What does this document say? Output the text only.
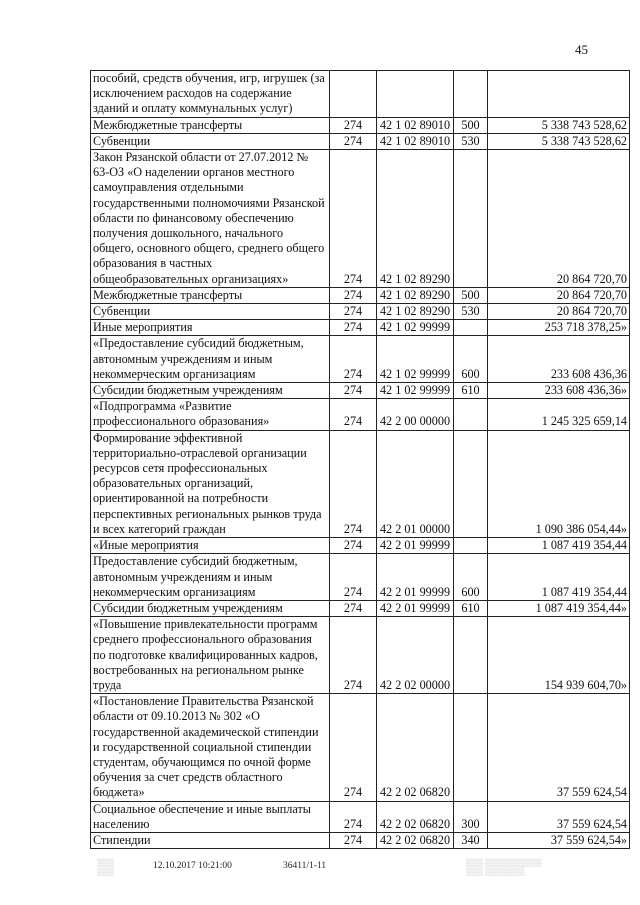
45
пособий, средств обучения, игр, игрушек (за исключением расходов на содержание зданий и оплату коммунальных услуг)				
Межбюджетные трансферты	274	42 1 02 89010	500	5 338 743 528,62
Субвенции	274	42 1 02 89010	530	5 338 743 528,62
Закон Рязанской области от 27.07.2012 № 63-ОЗ «О наделении органов местного самоуправления отдельными государственными полномочиями Рязанской области по финансовому обеспечению получения дошкольного, начального общего, основного общего, среднего общего образования в частных общеобразовательных организациях»	274	42 1 02 89290		20 864 720,70
Межбюджетные трансферты	274	42 1 02 89290	500	20 864 720,70
Субвенции	274	42 1 02 89290	530	20 864 720,70
Иные мероприятия	274	42 1 02 99999		253 718 378,25»
«Предоставление субсидий бюджетным, автономным учреждениям и иным некоммерческим организациям	274	42 1 02 99999	600	233 608 436,36
Субсидии бюджетным учреждениям	274	42 1 02 99999	610	233 608 436,36»
«Подпрограмма «Развитие профессионального образования»	274	42 2 00 00000		1 245 325 659,14
Формирование эффективной территориально-отраслевой организации ресурсов сетя профессиональных образовательных организаций, ориентированной на потребности перспективных региональных рынков труда и всех категорий граждан	274	42 2 01 00000		1 090 386 054,44»
«Иные мероприятия	274	42 2 01 99999		1 087 419 354,44
Предоставление субсидий бюджетным, автономным учреждениям и иным некоммерческим организациям	274	42 2 01 99999	600	1 087 419 354,44
Субсидии бюджетным учреждениям	274	42 2 01 99999	610	1 087 419 354,44»
«Повышение привлекательности программ среднего профессионального образования по подготовке квалифицированных кадров, востребованных на региональном рынке труда	274	42 2 02 00000		154 939 604,70»
«Постановление Правительства Рязанской области от 09.10.2013 № 302 «О государственной академической стипендии и государственной социальной стипендии студентам, обучающимся по очной форме обучения за счет средств областного бюджета»	274	42 2 02 06820		37 559 624,54
Социальное обеспечение и иные выплаты населению	274	42 2 02 06820	300	37 559 624,54
Стипендии	274	42 2 02 06820	340	37 559 624,54»
▒▒▒
▒▒▒
12.10.2017 10:21:00	36411/1-11	▒▒▒ ▒▒▒▒▒▒▒▒▒▒
▒▒▒ ▒▒▒▒▒▒▒
